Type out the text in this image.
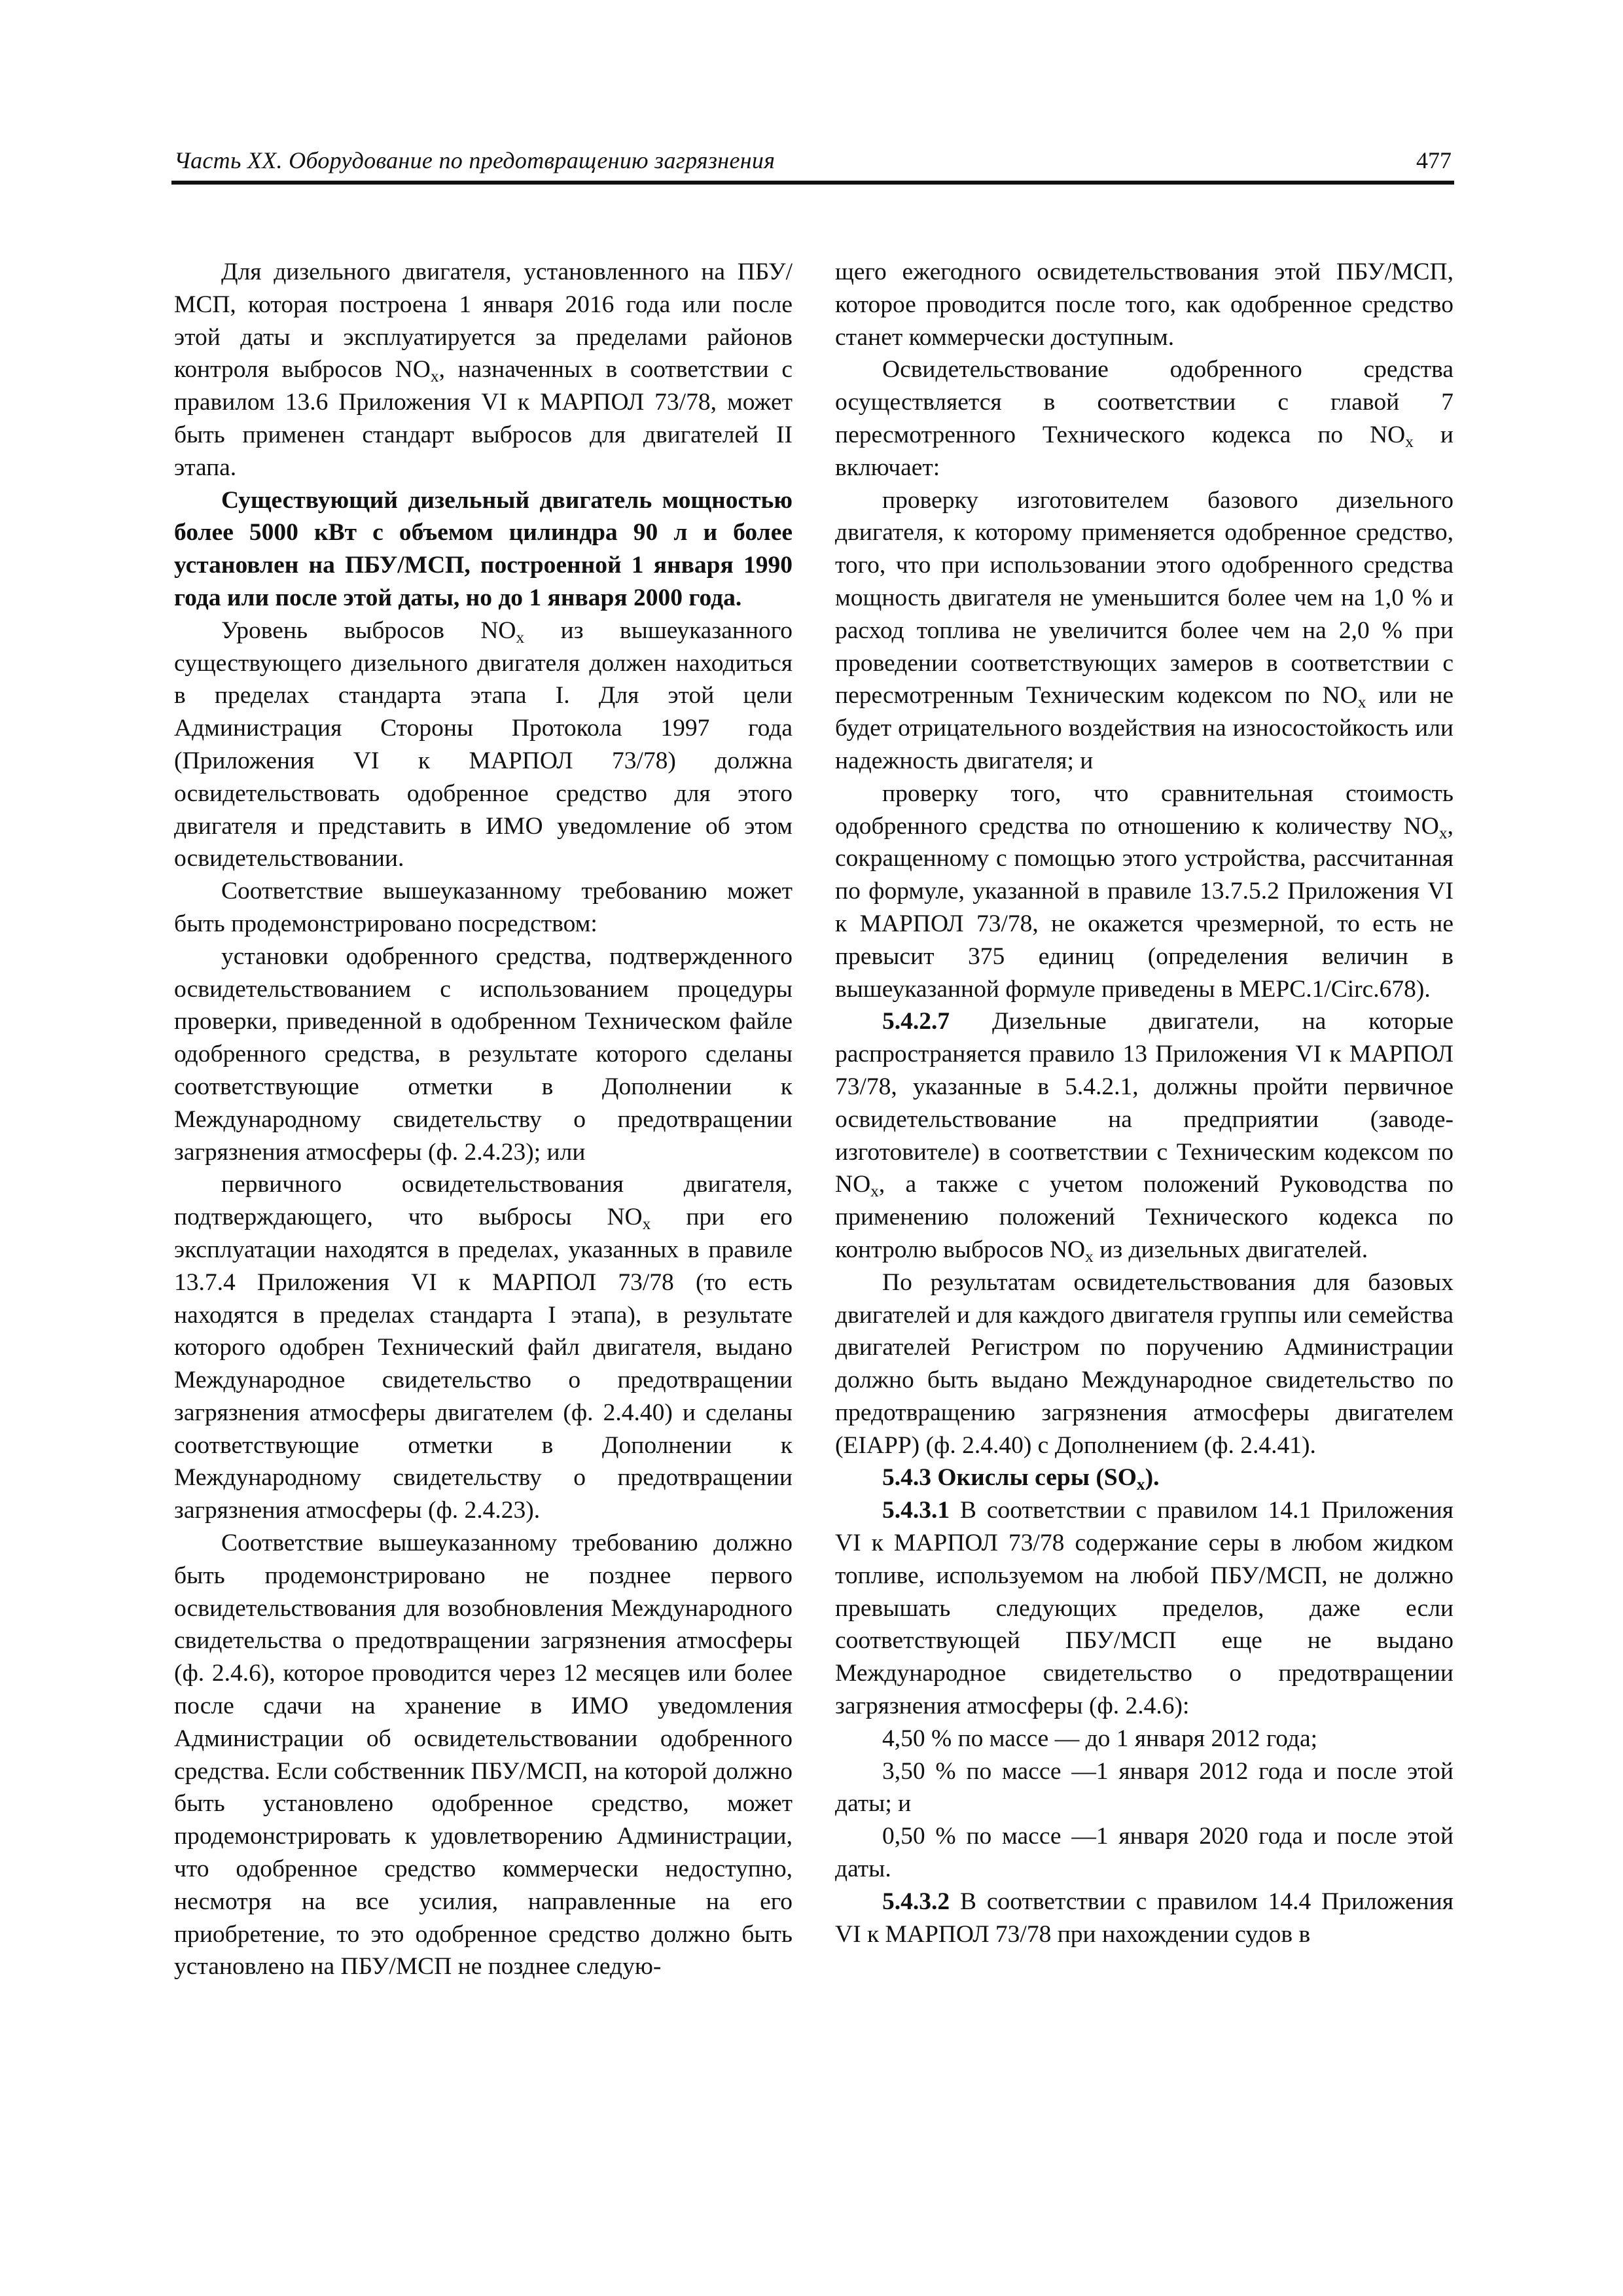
Часть XX. Оборудование по предотвращению загрязнения	477

Для дизельного двигателя, установленного на ПБУ/МСП, которая построена 1 января 2016 года или после этой даты и эксплуатируется за пределами районов контроля выбросов $NO_x$, назначенных в соответствии с правилом 13.6 Приложения VI к МАРПОЛ 73/78, может быть применен стандарт выбросов для двигателей II этапа.

Существующий дизельный двигатель мощностью более 5000 кВт с объемом цилиндра 90 л и более установлен на ПБУ/МСП, построенной 1 января 1990 года или после этой даты, но до 1 января 2000 года.

Уровень выбросов $NO_x$ из вышеуказанного существующего дизельного двигателя должен находиться в пределах стандарта этапа I. Для этой цели Администрация Стороны Протокола 1997 года (Приложения VI к МАРПОЛ 73/78) должна освидетельствовать одобренное средство для этого двигателя и представить в ИМО уведомление об этом освидетельствовании.

Соответствие вышеуказанному требованию может быть продемонстрировано посредством:

установки одобренного средства, подтвержденного освидетельствованием с использованием процедуры проверки, приведенной в одобренном Техническом файле одобренного средства, в результате которого сделаны соответствующие отметки в Дополнении к Международному свидетельству о предотвращении загрязнения атмосферы (ф. 2.4.23); или

первичного освидетельствования двигателя, подтверждающего, что выбросы $NO_x$ при его эксплуатации находятся в пределах, указанных в правиле 13.7.4 Приложения VI к МАРПОЛ 73/78 (то есть находятся в пределах стандарта I этапа), в результате которого одобрен Технический файл двигателя, выдано Международное свидетельство о предотвращении загрязнения атмосферы двигателем (ф. 2.4.40) и сделаны соответствующие отметки в Дополнении к Международному свидетельству о предотвращении загрязнения атмосферы (ф. 2.4.23).

Соответствие вышеуказанному требованию должно быть продемонстрировано не позднее первого освидетельствования для возобновления Международного свидетельства о предотвращении загрязнения атмосферы (ф. 2.4.6), которое проводится через 12 месяцев или более после сдачи на хранение в ИМО уведомления Администрации об освидетельствовании одобренного средства. Если собственник ПБУ/МСП, на которой должно быть установлено одобренное средство, может продемонстрировать к удовлетворению Администрации, что одобренное средство коммерчески недоступно, несмотря на все усилия, направленные на его приобретение, то это одобренное средство должно быть установлено на ПБУ/МСП не позднее следую-

щего ежегодного освидетельствования этой ПБУ/МСП, которое проводится после того, как одобренное средство станет коммерчески доступным.

Освидетельствование одобренного средства осуществляется в соответствии с главой 7 пересмотренного Технического кодекса по $NO_x$ и включает:

проверку изготовителем базового дизельного двигателя, к которому применяется одобренное средство, того, что при использовании этого одобренного средства мощность двигателя не уменьшится более чем на 1,0 % и расход топлива не увеличится более чем на 2,0 % при проведении соответствующих замеров в соответствии с пересмотренным Техническим кодексом по $NO_x$ или не будет отрицательного воздействия на износостойкость или надежность двигателя; и

проверку того, что сравнительная стоимость одобренного средства по отношению к количеству $NO_x$, сокращенному с помощью этого устройства, рассчитанная по формуле, указанной в правиле 13.7.5.2 Приложения VI к МАРПОЛ 73/78, не окажется чрезмерной, то есть не превысит 375 единиц (определения величин в вышеуказанной формуле приведены в MEPC.1/Circ.678).

5.4.2.7 Дизельные двигатели, на которые распространяется правило 13 Приложения VI к МАРПОЛ 73/78, указанные в 5.4.2.1, должны пройти первичное освидетельствование на предприятии (заводе-изготовителе) в соответствии с Техническим кодексом по $NO_x$, а также с учетом положений Руководства по применению положений Технического кодекса по контролю выбросов $NO_x$ из дизельных двигателей.

По результатам освидетельствования для базовых двигателей и для каждого двигателя группы или семейства двигателей Регистром по поручению Администрации должно быть выдано Международное свидетельство по предотвращению загрязнения атмосферы двигателем (EIAPP) (ф. 2.4.40) с Дополнением (ф. 2.4.41).

5.4.3 Окислы серы $(SO_x)$.

5.4.3.1 В соответствии с правилом 14.1 Приложения VI к МАРПОЛ 73/78 содержание серы в любом жидком топливе, используемом на любой ПБУ/МСП, не должно превышать следующих пределов, даже если соответствующей ПБУ/МСП еще не выдано Международное свидетельство о предотвращении загрязнения атмосферы (ф. 2.4.6):

4,50 % по массе — до 1 января 2012 года;

3,50 % по массе —1 января 2012 года и после этой даты; и

0,50 % по массе —1 января 2020 года и после этой даты.

5.4.3.2 В соответствии с правилом 14.4 Приложения VI к МАРПОЛ 73/78 при нахождении судов в
